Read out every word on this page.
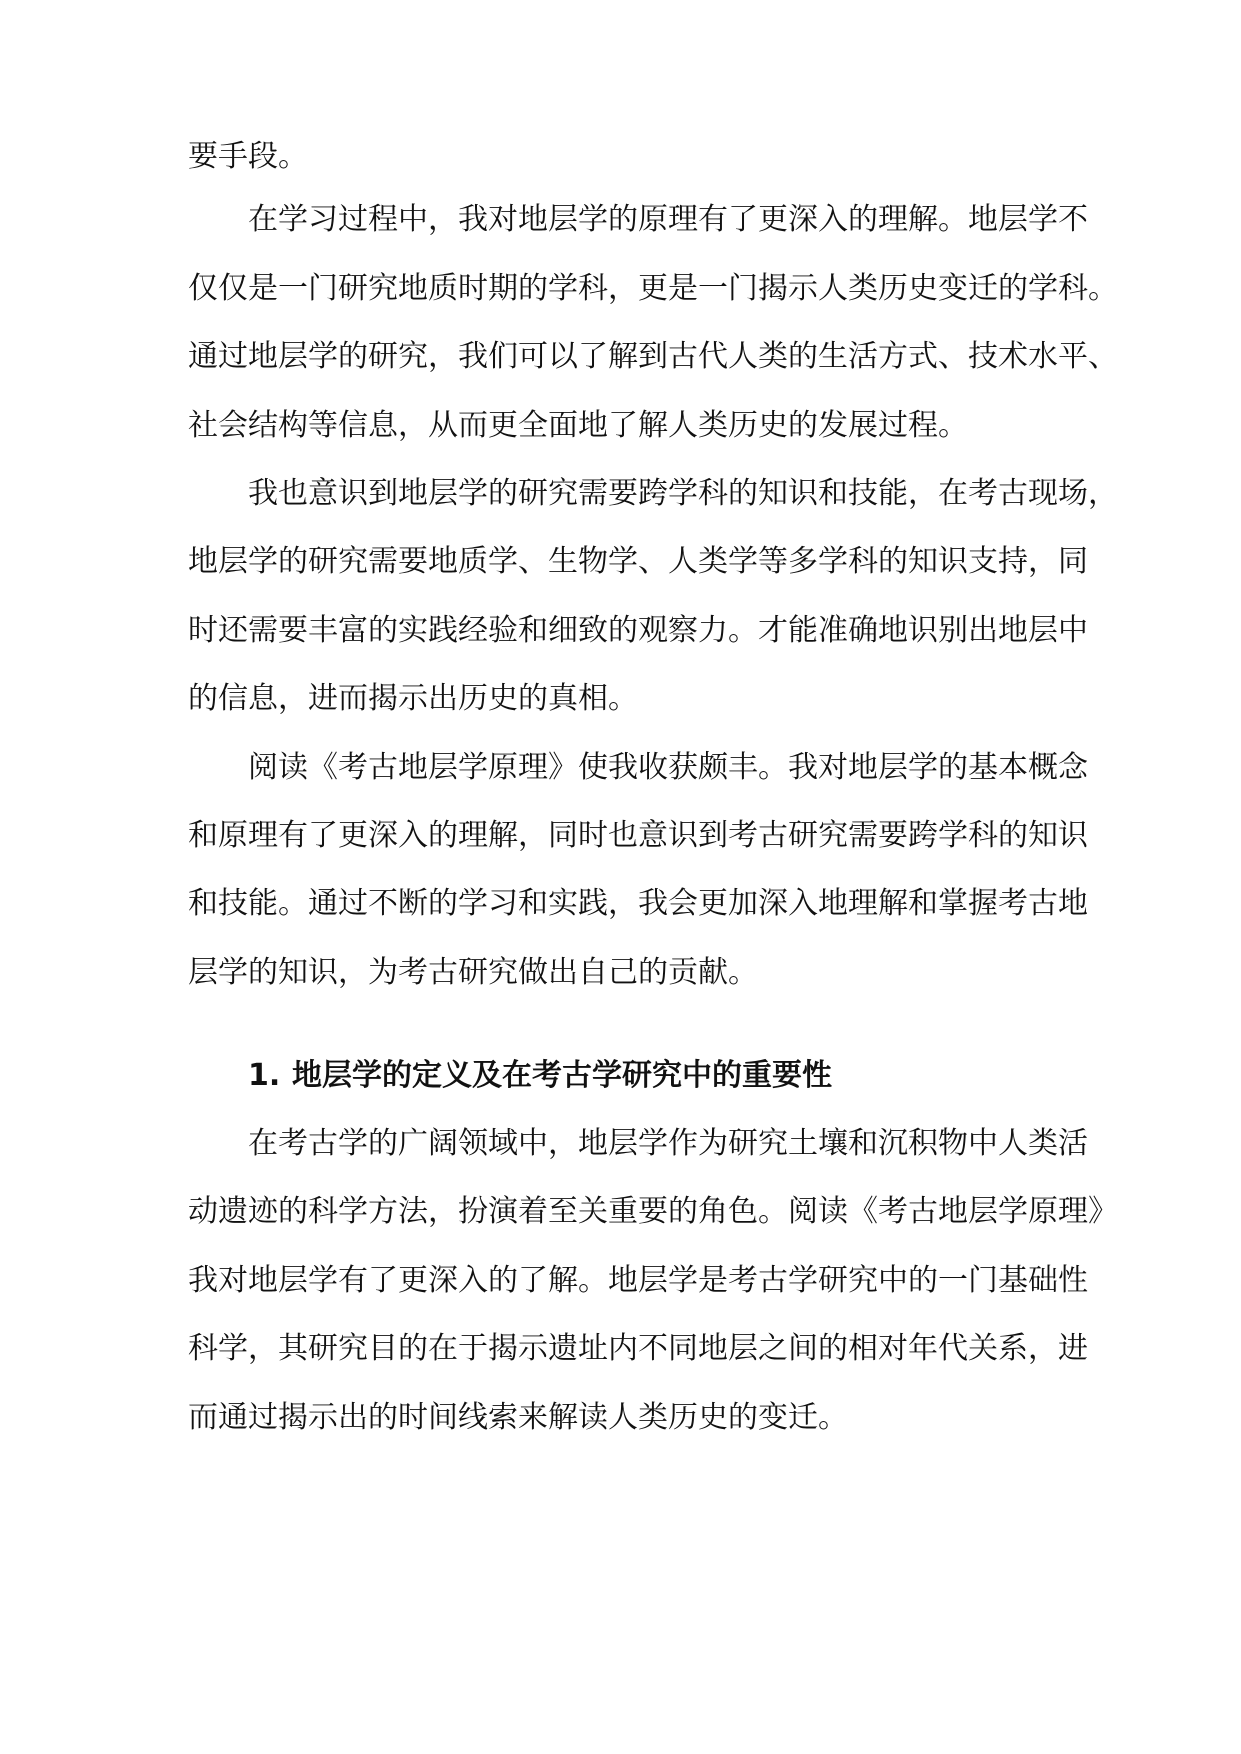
要手段。
在学习过程中，我对地层学的原理有了更深入的理解。地层学不
仅仅是一门研究地质时期的学科，更是一门揭示人类历史变迁的学科。
通过地层学的研究，我们可以了解到古代人类的生活方式、技术水平、
社会结构等信息，从而更全面地了解人类历史的发展过程。
我也意识到地层学的研究需要跨学科的知识和技能，在考古现场，
地层学的研究需要地质学、生物学、人类学等多学科的知识支持，同
时还需要丰富的实践经验和细致的观察力。才能准确地识别出地层中
的信息，进而揭示出历史的真相。
阅读《考古地层学原理》使我收获颇丰。我对地层学的基本概念
和原理有了更深入的理解，同时也意识到考古研究需要跨学科的知识
和技能。通过不断的学习和实践，我会更加深入地理解和掌握考古地
层学的知识，为考古研究做出自己的贡献。
1. 地层学的定义及在考古学研究中的重要性
在考古学的广阔领域中，地层学作为研究土壤和沉积物中人类活
动遗迹的科学方法，扮演着至关重要的角色。阅读《考古地层学原理》
我对地层学有了更深入的了解。地层学是考古学研究中的一门基础性
科学，其研究目的在于揭示遗址内不同地层之间的相对年代关系，进
而通过揭示出的时间线索来解读人类历史的变迁。
